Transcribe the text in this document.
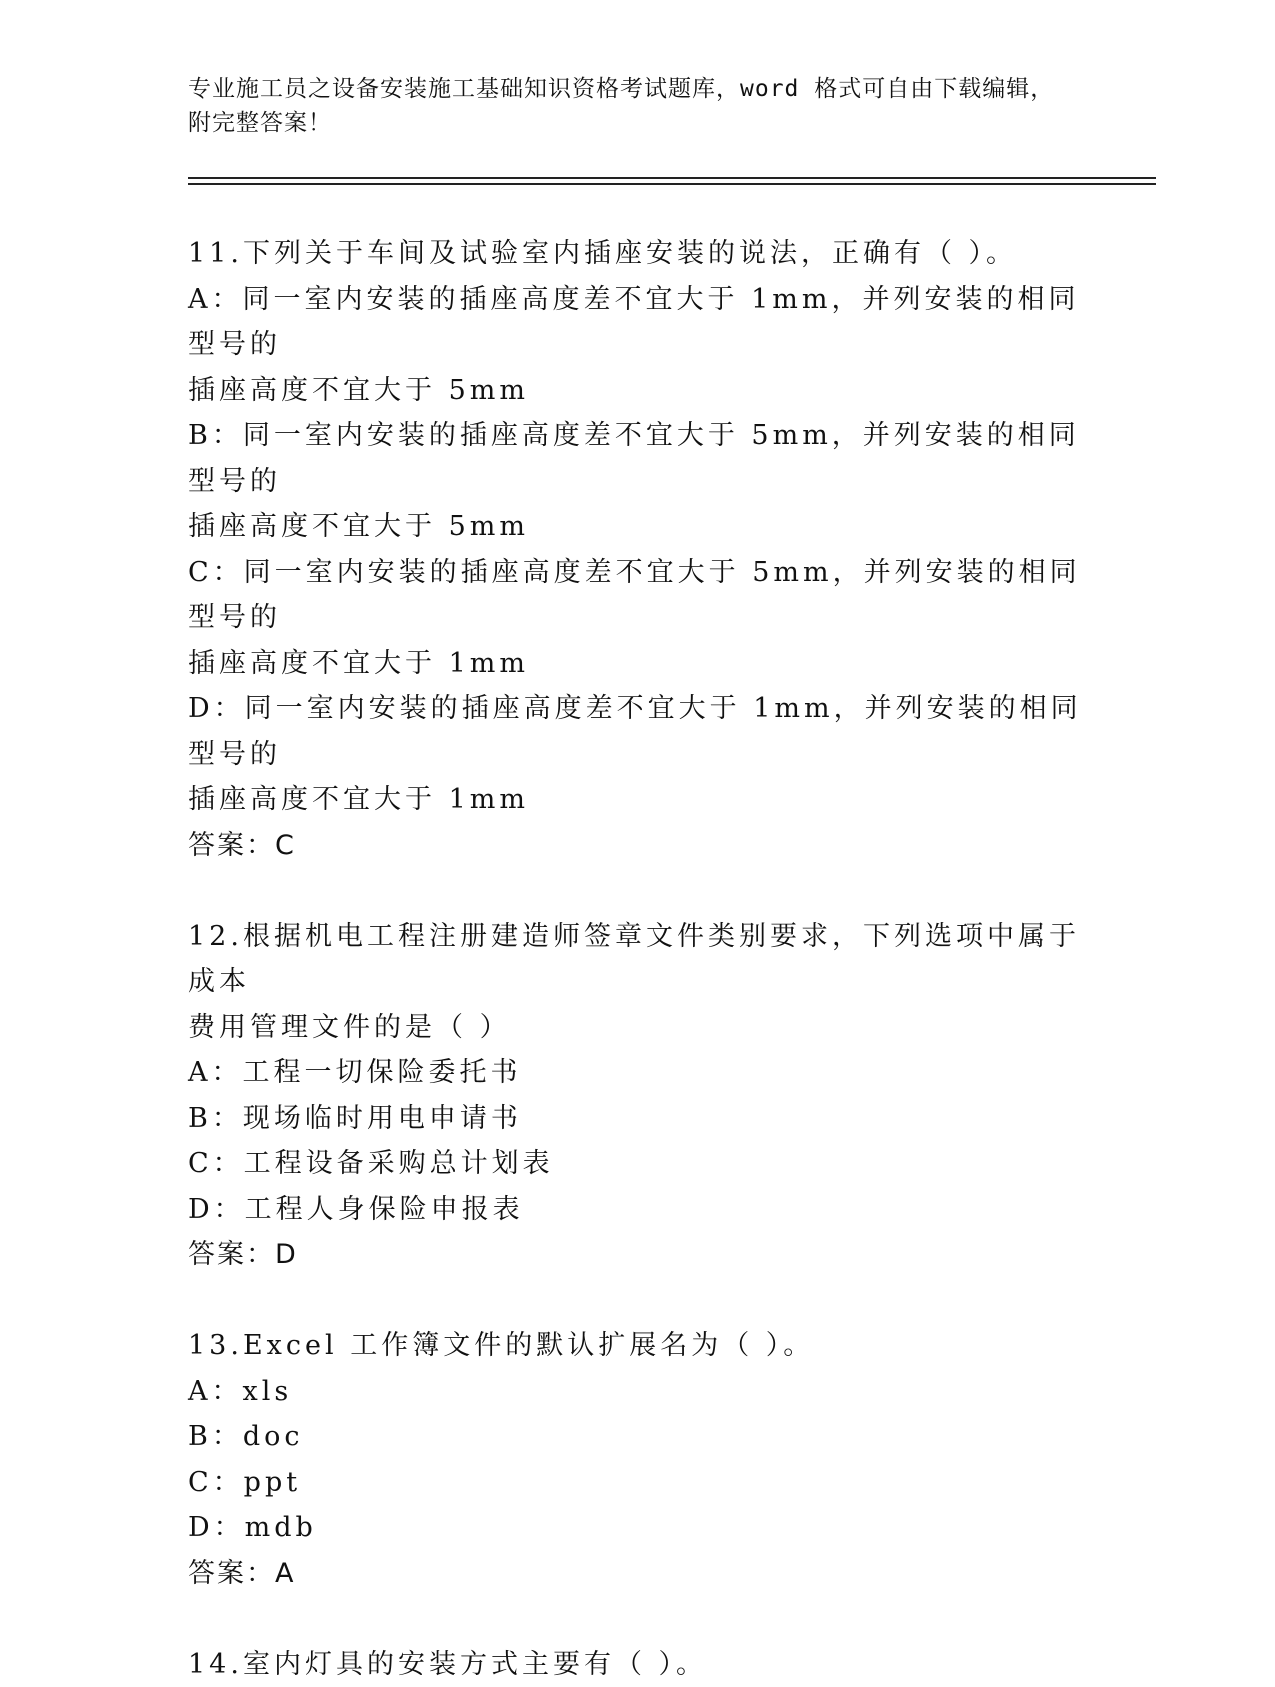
专业施工员之设备安装施工基础知识资格考试题库，word 格式可自由下载编辑，
附完整答案！
11.下列关于车间及试验室内插座安装的说法，正确有（ ）。
A：同一室内安装的插座高度差不宜大于 1mm，并列安装的相同型号的
插座高度不宜大于 5mm
B：同一室内安装的插座高度差不宜大于 5mm，并列安装的相同型号的
插座高度不宜大于 5mm
C：同一室内安装的插座高度差不宜大于 5mm，并列安装的相同型号的
插座高度不宜大于 1mm
D：同一室内安装的插座高度差不宜大于 1mm，并列安装的相同型号的
插座高度不宜大于 1mm
答案：C
12.根据机电工程注册建造师签章文件类别要求，下列选项中属于成本
费用管理文件的是（ ）
A：工程一切保险委托书
B：现场临时用电申请书
C：工程设备采购总计划表
D：工程人身保险申报表
答案：D
13.Excel 工作簿文件的默认扩展名为（ ）。
A：xls
B：doc
C：ppt
D：mdb
答案：A
14.室内灯具的安装方式主要有（ ）。
